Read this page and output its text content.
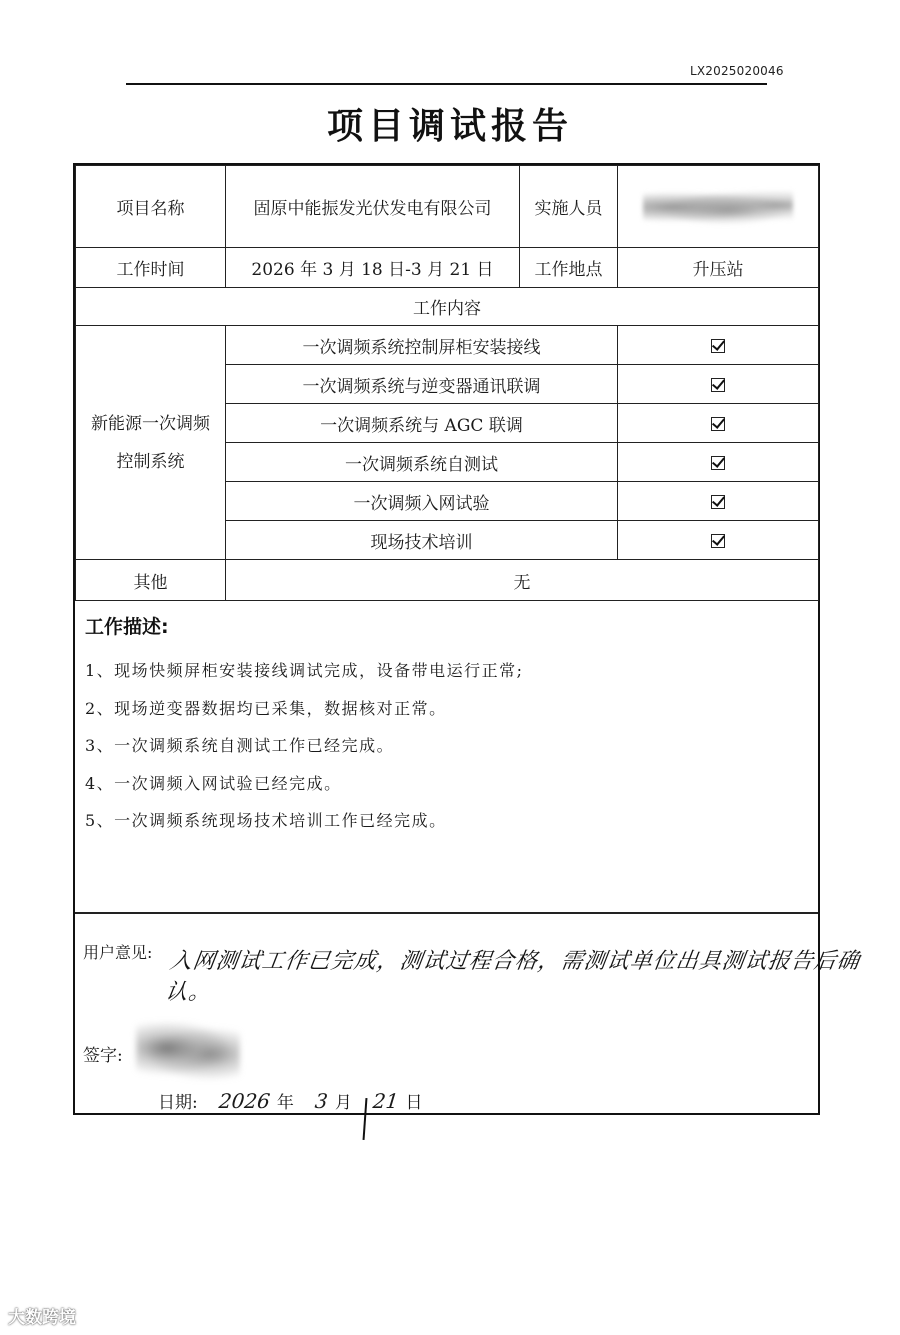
LX2025020046
项目调试报告
项目名称	固原中能振发光伏发电有限公司	实施人员	
工作时间	2026 年 3 月 18 日-3 月 21 日	工作地点	升压站
工作内容			
新能源一次调频控制系统	一次调频系统控制屏柜安装接线		
	一次调频系统与逆变器通讯联调		
	一次调频系统与 AGC 联调		
	一次调频系统自测试		
	一次调频入网试验		
	现场技术培训		
其他	无		
工作描述:
1、现场快频屏柜安装接线调试完成，设备带电运行正常;
2、现场逆变器数据均已采集，数据核对正常。
3、一次调频系统自测试工作已经完成。
4、一次调频入网试验已经完成。
5、一次调频系统现场技术培训工作已经完成。
用户意见: 入网测试工作已完成，测试过程合格，需测试单位出具测试报告后确认。
签字:
日期: 2026 年 3 月 21 日
大数跨境
